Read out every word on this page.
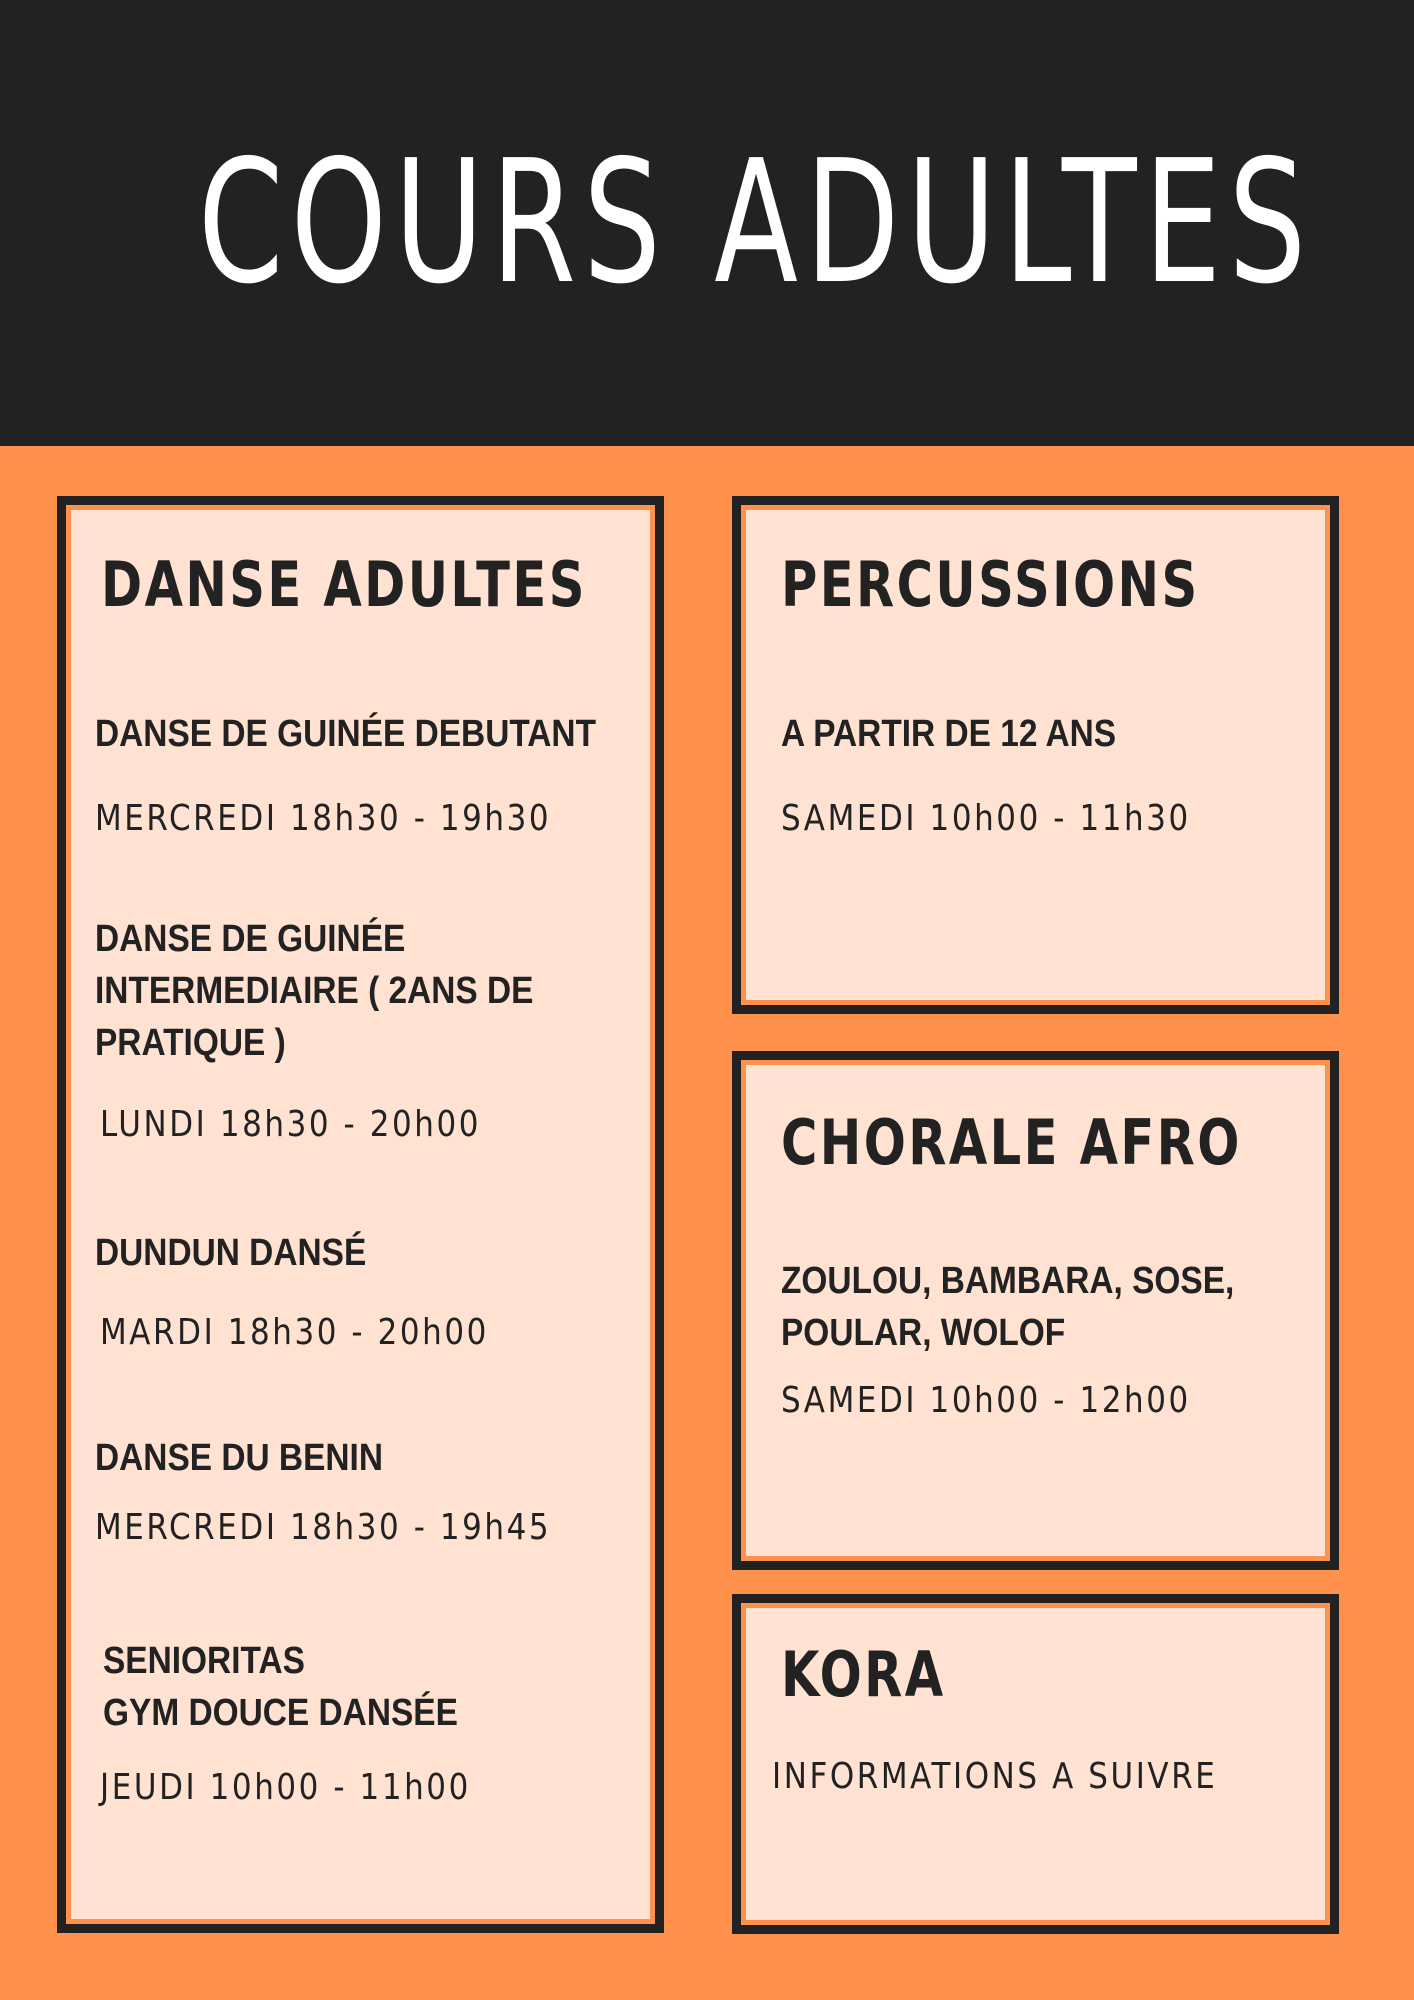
COURS ADULTES
DANSE ADULTES
DANSE DE GUINÉE DEBUTANT
MERCREDI 18h30 - 19h30
DANSE DE GUINÉE
INTERMEDIAIRE ( 2ANS DE
PRATIQUE )
LUNDI 18h30 - 20h00
DUNDUN DANSÉ
MARDI 18h30 - 20h00
DANSE DU BENIN
MERCREDI 18h30 - 19h45
SENIORITAS
GYM DOUCE DANSÉE
JEUDI 10h00 - 11h00
PERCUSSIONS
A PARTIR DE 12 ANS
SAMEDI 10h00 - 11h30
CHORALE AFRO
ZOULOU, BAMBARA, SOSE,
POULAR, WOLOF
SAMEDI 10h00 - 12h00
KORA
INFORMATIONS A SUIVRE
